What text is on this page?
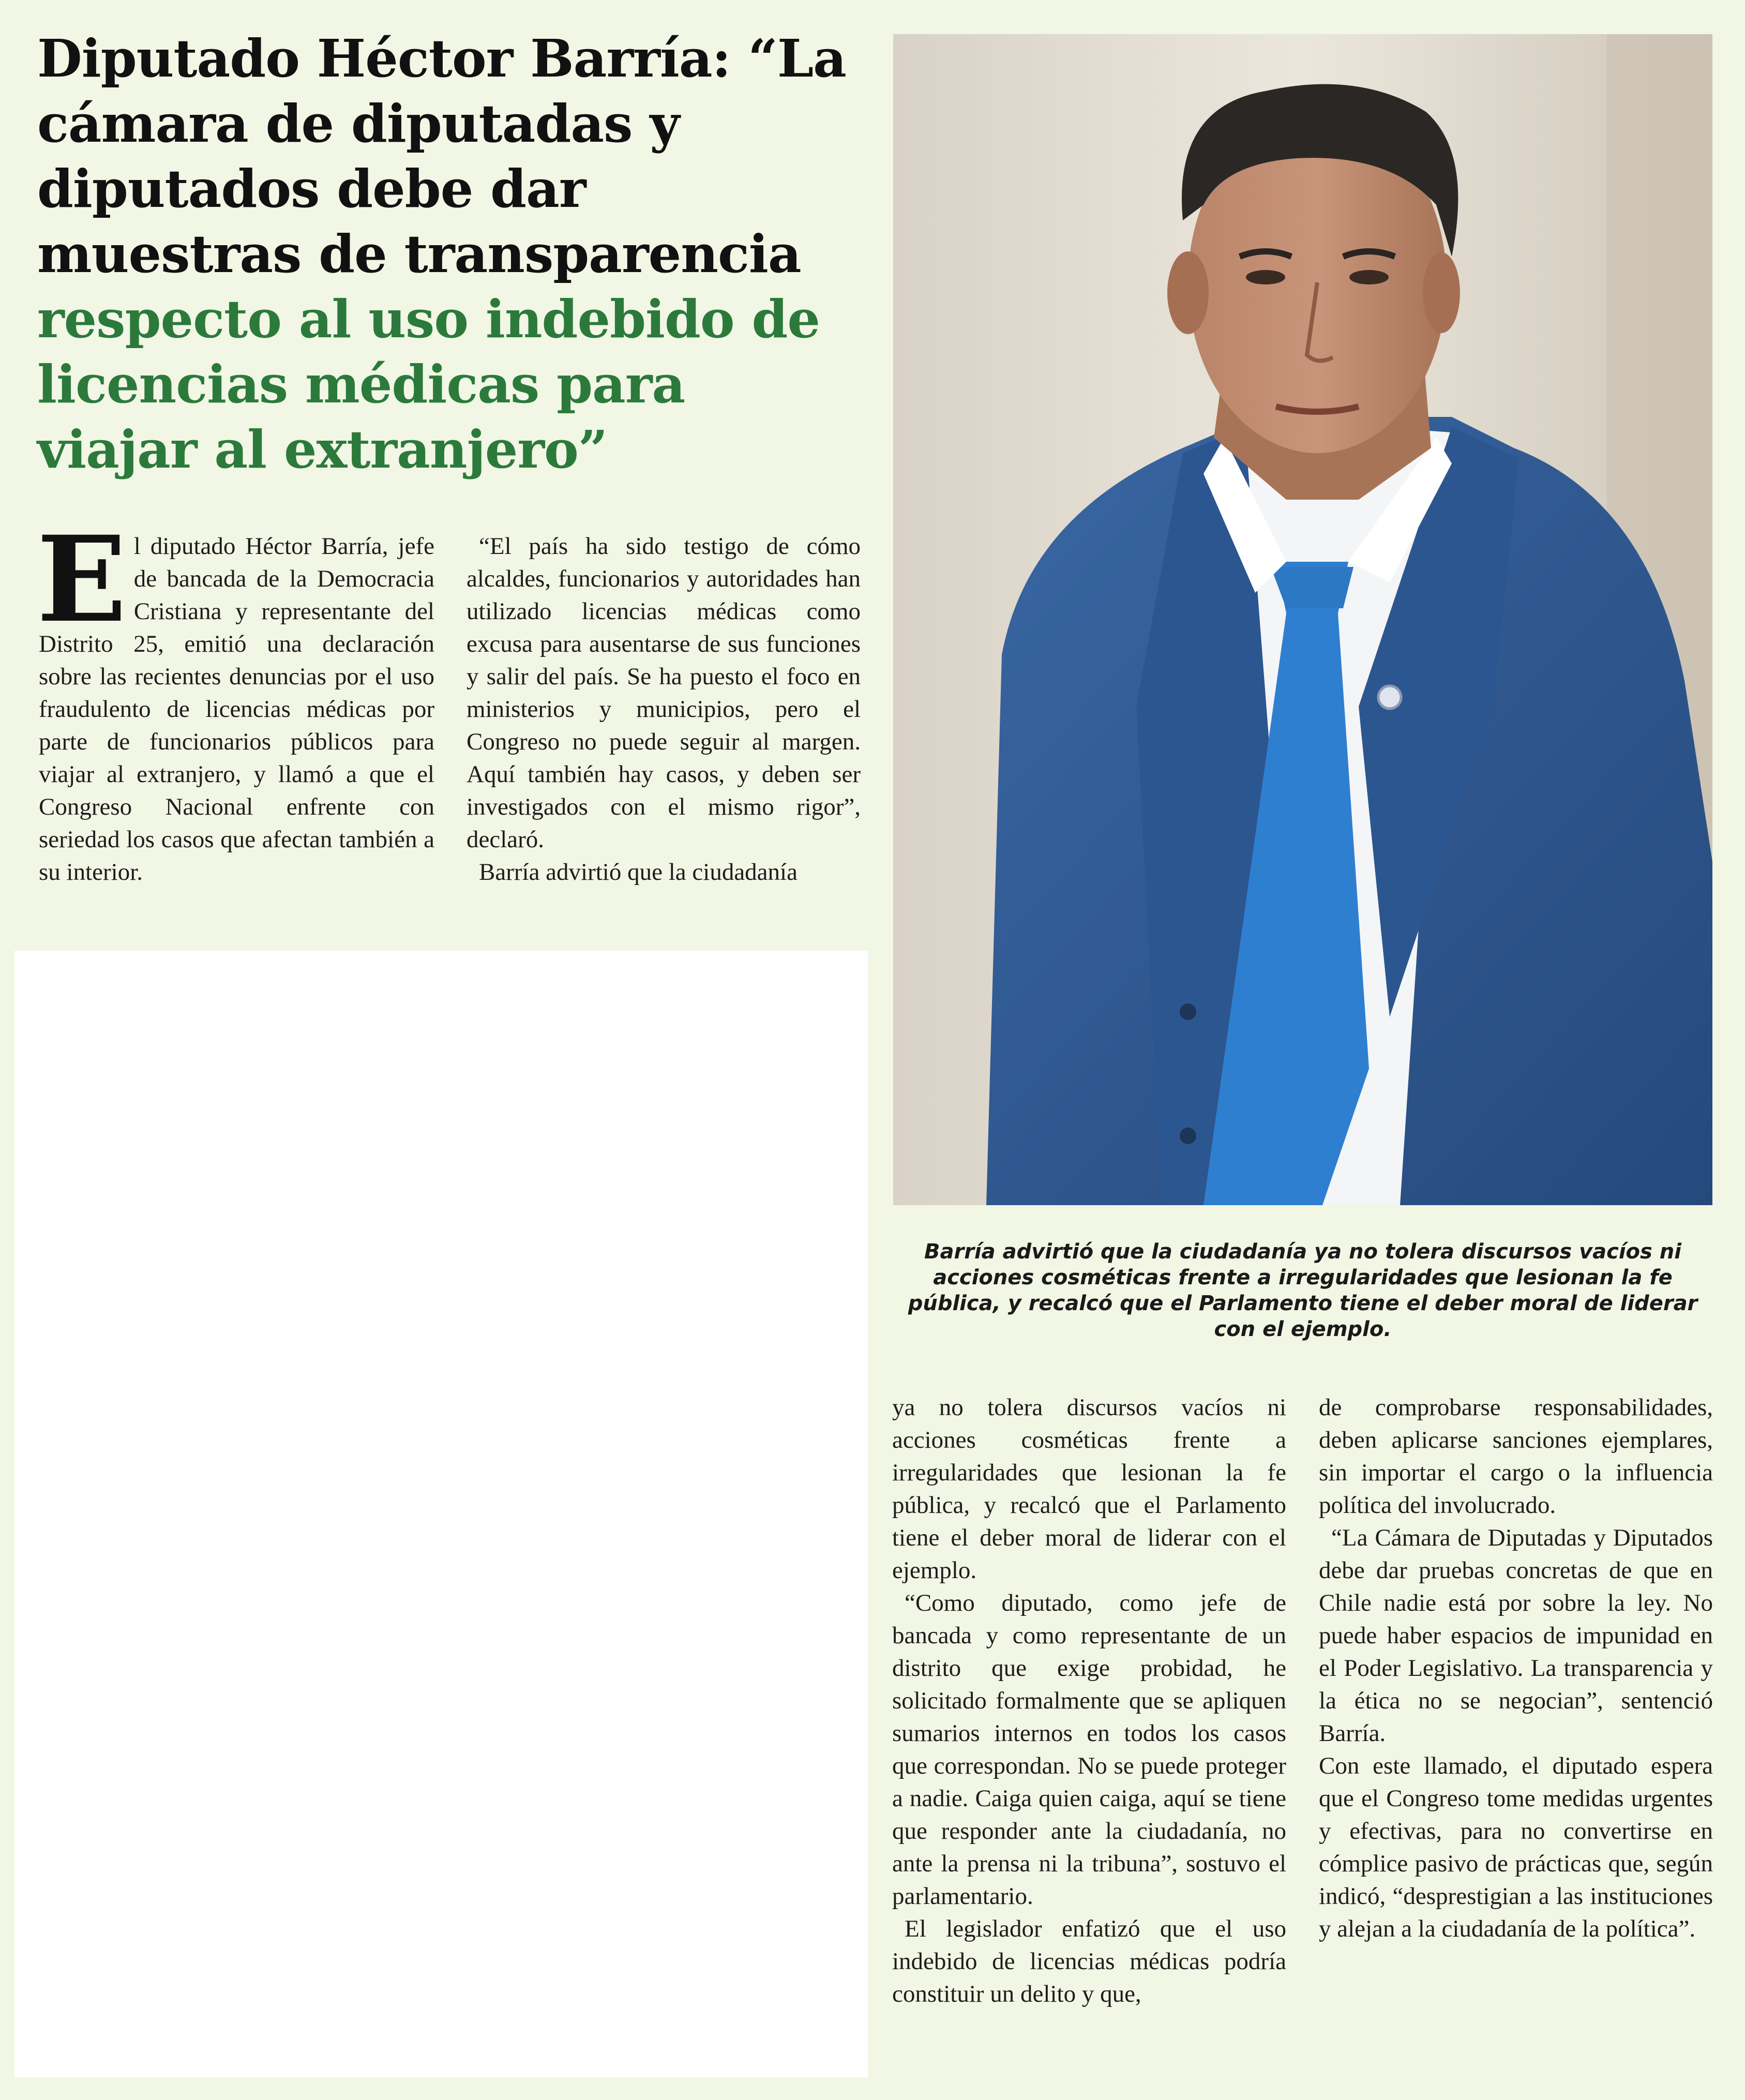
Diputado Héctor Barría: “La cámara de diputadas y diputados debe dar muestras de transparencia
respecto al uso indebido de licencias médicas para viajar al extranjero”
E l diputado Héctor Barría, jefe de bancada de la Democracia Cristiana y representante del Distrito 25, emitió una declaración sobre las recientes denuncias por el uso fraudulento de licencias médicas por parte de funcionarios públicos para viajar al extranjero, y llamó a que el Congreso Nacional enfrente con seriedad los casos que afectan también a su interior.

“El país ha sido testigo de cómo alcaldes, funcionarios y autoridades han utilizado licencias médicas como excusa para ausentarse de sus funciones y salir del país. Se ha puesto el foco en ministerios y municipios, pero el Congreso no puede seguir al margen. Aquí también hay casos, y deben ser investigados con el mismo rigor”, declaró.

Barría advirtió que la ciudadanía

Barría advirtió que la ciudadanía ya no tolera discursos vacíos ni acciones cosméticas frente a irregularidades que lesionan la fe pública, y recalcó que el Parlamento tiene el deber moral de liderar con el ejemplo.

ya no tolera discursos vacíos ni acciones cosméticas frente a irregularidades que lesionan la fe pública, y recalcó que el Parlamento tiene el deber moral de liderar con el ejemplo.

“Como diputado, como jefe de bancada y como representante de un distrito que exige probidad, he solicitado formalmente que se apliquen sumarios internos en todos los casos que correspondan. No se puede proteger a nadie. Caiga quien caiga, aquí se tiene que responder ante la ciudadanía, no ante la prensa ni la tribuna”, sostuvo el parlamentario.

El legislador enfatizó que el uso indebido de licencias médicas podría constituir un delito y que,

de comprobarse responsabilidades, deben aplicarse sanciones ejemplares, sin importar el cargo o la influencia política del involucrado.

“La Cámara de Diputadas y Diputados debe dar pruebas concretas de que en Chile nadie está por sobre la ley. No puede haber espacios de impunidad en el Poder Legislativo. La transparencia y la ética no se negocian”, sentenció Barría.

Con este llamado, el diputado espera que el Congreso tome medidas urgentes y efectivas, para no convertirse en cómplice pasivo de prácticas que, según indicó, “desprestigian a las instituciones y alejan a la ciudadanía de la política”.
